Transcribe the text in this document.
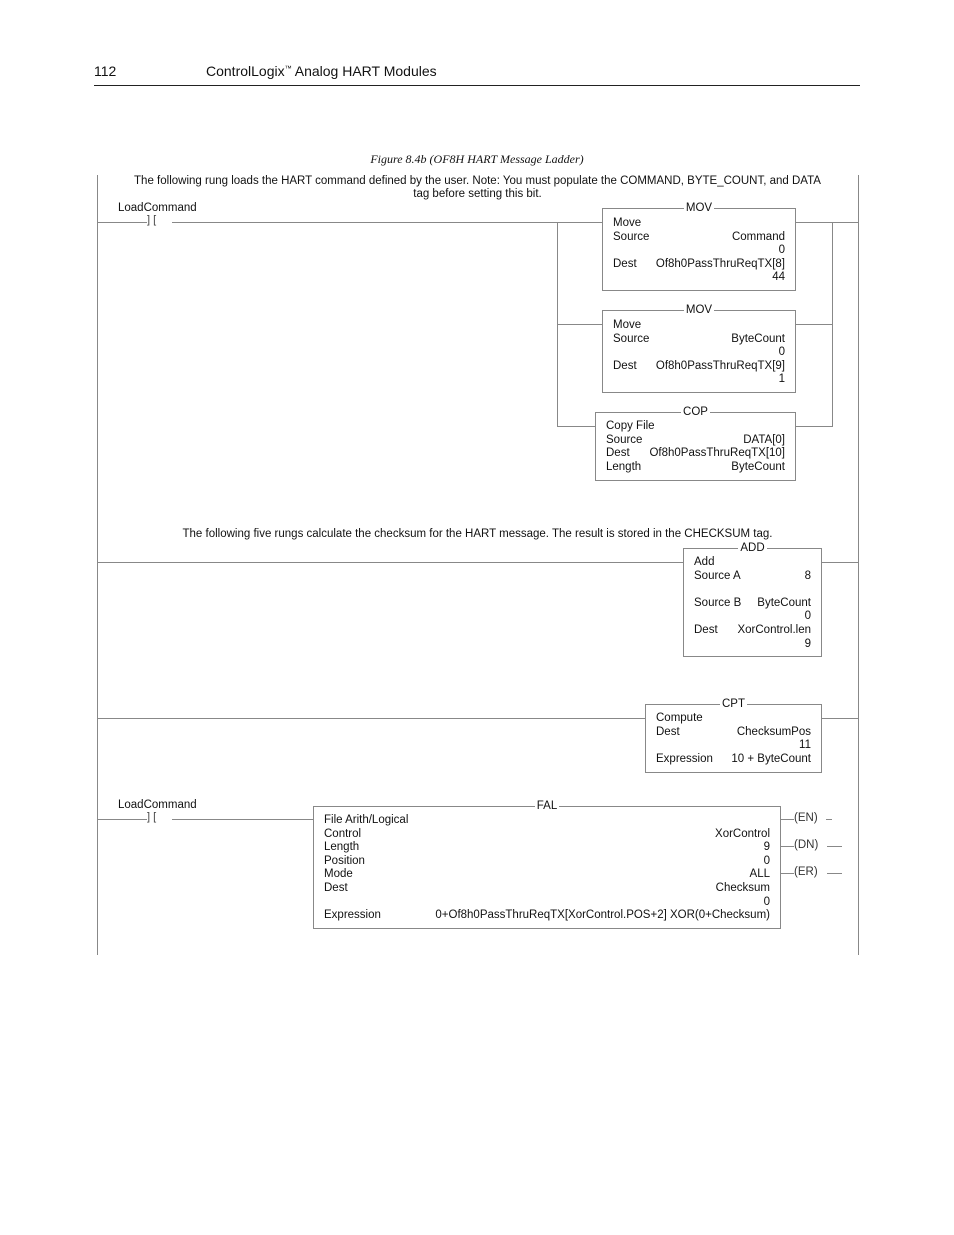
112	ControlLogix™ Analog HART Modules
Figure 8.4b (OF8H HART Message Ladder)
The following rung loads the HART command defined by the user. Note: You must populate the COMMAND, BYTE_COUNT, and DATA
tag before setting this bit.
LoadCommand
] [
MOV
Move
Source	Command
0
Dest Of8h0PassThruReqTX[8]
44
MOV
Move
Source	ByteCount
0
Dest Of8h0PassThruReqTX[9]
1
COP
Copy File
Source	DATA[0]
Dest Of8h0PassThruReqTX[10]
Length	ByteCount
The following five rungs calculate the checksum for the HART message. The result is stored in the CHECKSUM tag.
ADD
Add
Source A	8
Source B ByteCount
0
Dest XorControl.len
9
CPT
Compute
Dest	ChecksumPos
11
Expression 10 + ByteCount
LoadCommand
] [
FAL
File Arith/Logical
Control	XorControl
Length	9
Position	0
Mode	ALL
Dest	Checksum
0
Expression	0+Of8h0PassThruReqTX[XorControl.POS+2] XOR(0+Checksum)
(EN)
(DN)
(ER)
